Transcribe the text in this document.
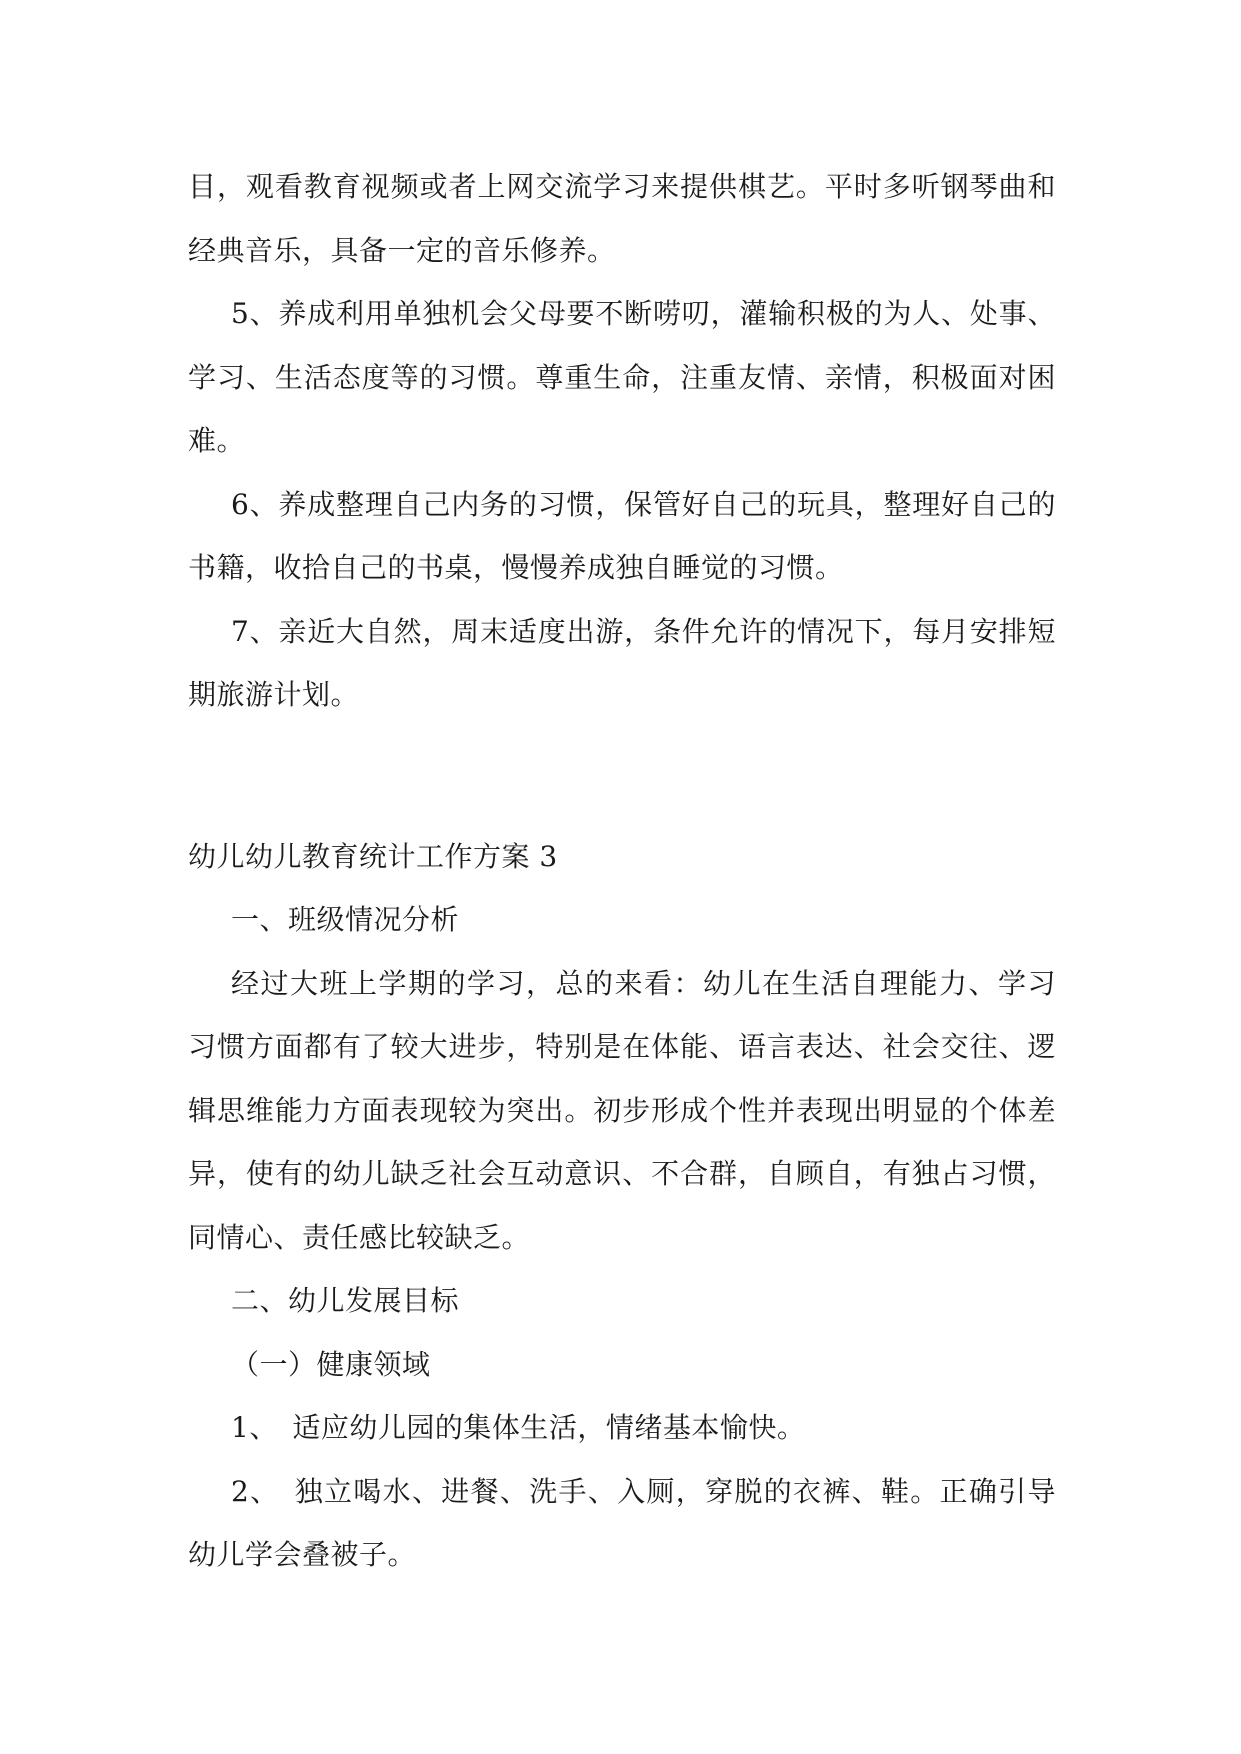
目，观看教育视频或者上网交流学习来提供棋艺。平时多听钢琴曲和经典音乐，具备一定的音乐修养。

5、养成利用单独机会父母要不断唠叨，灌输积极的为人、处事、学习、生活态度等的习惯。尊重生命，注重友情、亲情，积极面对困难。

6、养成整理自己内务的习惯，保管好自己的玩具，整理好自己的书籍，收拾自己的书桌，慢慢养成独自睡觉的习惯。

7、亲近大自然，周末适度出游，条件允许的情况下，每月安排短期旅游计划。

幼儿幼儿教育统计工作方案 3

一、班级情况分析

经过大班上学期的学习，总的来看：幼儿在生活自理能力、学习习惯方面都有了较大进步，特别是在体能、语言表达、社会交往、逻辑思维能力方面表现较为突出。初步形成个性并表现出明显的个体差异，使有的幼儿缺乏社会互动意识、不合群，自顾自，有独占习惯，同情心、责任感比较缺乏。

二、幼儿发展目标

（一）健康领域

1、　适应幼儿园的集体生活，情绪基本愉快。

2、　独立喝水、进餐、洗手、入厕，穿脱的衣裤、鞋。正确引导幼儿学会叠被子。
